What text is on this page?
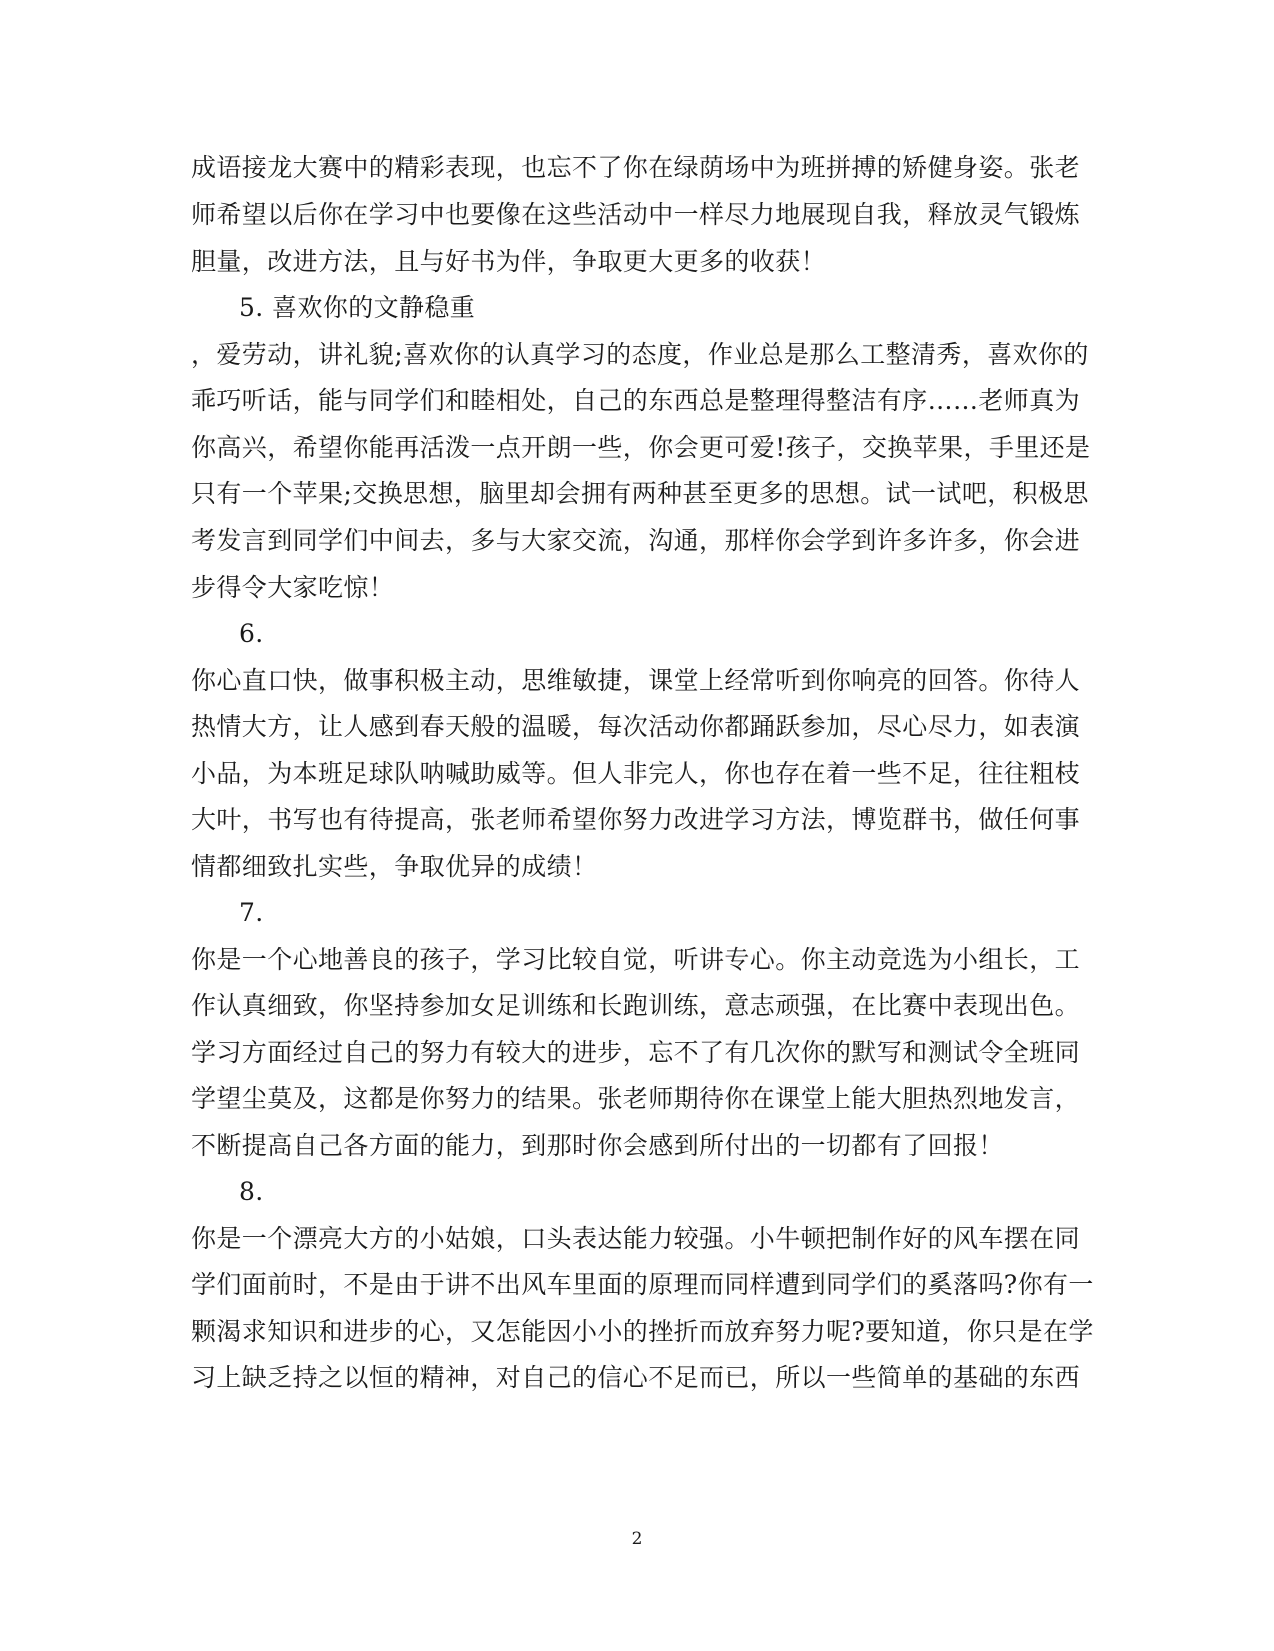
成语接龙大赛中的精彩表现，也忘不了你在绿荫场中为班拼搏的矫健身姿。张老
师希望以后你在学习中也要像在这些活动中一样尽力地展现自我，释放灵气锻炼
胆量，改进方法，且与好书为伴，争取更大更多的收获！
5. 喜欢你的文静稳重
，爱劳动，讲礼貌;喜欢你的认真学习的态度，作业总是那么工整清秀，喜欢你的
乖巧听话，能与同学们和睦相处，自己的东西总是整理得整洁有序……老师真为
你高兴，希望你能再活泼一点开朗一些，你会更可爱!孩子，交换苹果，手里还是
只有一个苹果;交换思想，脑里却会拥有两种甚至更多的思想。试一试吧，积极思
考发言到同学们中间去，多与大家交流，沟通，那样你会学到许多许多，你会进
步得令大家吃惊！
6.
你心直口快，做事积极主动，思维敏捷，课堂上经常听到你响亮的回答。你待人
热情大方，让人感到春天般的温暖，每次活动你都踊跃参加，尽心尽力，如表演
小品，为本班足球队呐喊助威等。但人非完人，你也存在着一些不足，往往粗枝
大叶，书写也有待提高，张老师希望你努力改进学习方法，博览群书，做任何事
情都细致扎实些，争取优异的成绩！
7.
你是一个心地善良的孩子，学习比较自觉，听讲专心。你主动竞选为小组长，工
作认真细致，你坚持参加女足训练和长跑训练，意志顽强，在比赛中表现出色。
学习方面经过自己的努力有较大的进步，忘不了有几次你的默写和测试令全班同
学望尘莫及，这都是你努力的结果。张老师期待你在课堂上能大胆热烈地发言，
不断提高自己各方面的能力，到那时你会感到所付出的一切都有了回报！
8.
你是一个漂亮大方的小姑娘，口头表达能力较强。小牛顿把制作好的风车摆在同
学们面前时，不是由于讲不出风车里面的原理而同样遭到同学们的奚落吗?你有一
颗渴求知识和进步的心，又怎能因小小的挫折而放弃努力呢?要知道，你只是在学
习上缺乏持之以恒的精神，对自己的信心不足而已，所以一些简单的基础的东西
2
